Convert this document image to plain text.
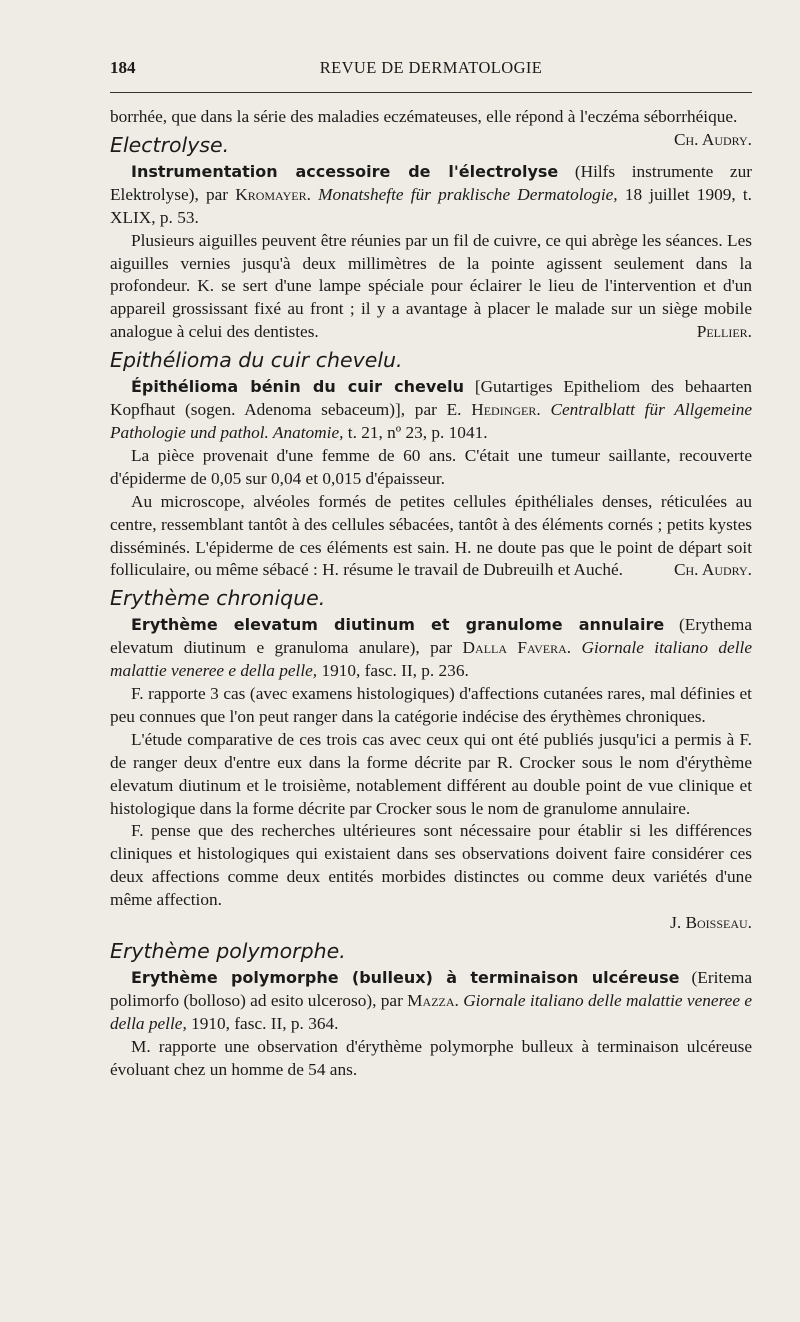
184	REVUE DE DERMATOLOGIE

borrhée, que dans la série des maladies eczémateuses, elle répond à l'eczéma séborrhéique.
Ch. Audry.

Electrolyse.

Instrumentation accessoire de l'électrolyse (Hilfs instrumente zur Elektrolyse), par Kromayer. Monatshefte für praklische Dermatologie, 18 juillet 1909, t. XLIX, p. 53.

Plusieurs aiguilles peuvent être réunies par un fil de cuivre, ce qui abrège les séances. Les aiguilles vernies jusqu'à deux millimètres de la pointe agissent seulement dans la profondeur. K. se sert d'une lampe spéciale pour éclairer le lieu de l'intervention et d'un appareil grossissant fixé au front ; il y a avantage à placer le malade sur un siège mobile analogue à celui des dentistes.	Pellier.

Epithélioma du cuir chevelu.

Épithélioma bénin du cuir chevelu [Gutartiges Epitheliom des behaarten Kopfhaut (sogen. Adenoma sebaceum)], par E. Hedinger. Centralblatt für Allgemeine Pathologie und pathol. Anatomie, t. 21, nº 23, p. 1041.

La pièce provenait d'une femme de 60 ans. C'était une tumeur saillante, recouverte d'épiderme de 0,05 sur 0,04 et 0,015 d'épaisseur.

Au microscope, alvéoles formés de petites cellules épithéliales denses, réticulées au centre, ressemblant tantôt à des cellules sébacées, tantôt à des éléments cornés ; petits kystes disséminés. L'épiderme de ces éléments est sain. H. ne doute pas que le point de départ soit folliculaire, ou même sébacé : H. résume le travail de Dubreuilh et Auché.	Ch. Audry.

Erythème chronique.

Erythème elevatum diutinum et granulome annulaire (Erythema elevatum diutinum e granuloma anulare), par Dalla Favera. Giornale italiano delle malattie veneree e della pelle, 1910, fasc. II, p. 236.

F. rapporte 3 cas (avec examens histologiques) d'affections cutanées rares, mal définies et peu connues que l'on peut ranger dans la catégorie indécise des érythèmes chroniques.

L'étude comparative de ces trois cas avec ceux qui ont été publiés jusqu'ici a permis à F. de ranger deux d'entre eux dans la forme décrite par R. Crocker sous le nom d'érythème elevatum diutinum et le troisième, notablement différent au double point de vue clinique et histologique dans la forme décrite par Crocker sous le nom de granulome annulaire.

F. pense que des recherches ultérieures sont nécessaire pour établir si les différences cliniques et histologiques qui existaient dans ses observations doivent faire considérer ces deux affections comme deux entités morbides distinctes ou comme deux variétés d'une même affection.

J. Boisseau.

Erythème polymorphe.

Erythème polymorphe (bulleux) à terminaison ulcéreuse (Eritema polimorfo (bolloso) ad esito ulceroso), par Mazza. Giornale italiano delle malattie veneree e della pelle, 1910, fasc. II, p. 364.

M. rapporte une observation d'érythème polymorphe bulleux à terminaison ulcéreuse évoluant chez un homme de 54 ans.
